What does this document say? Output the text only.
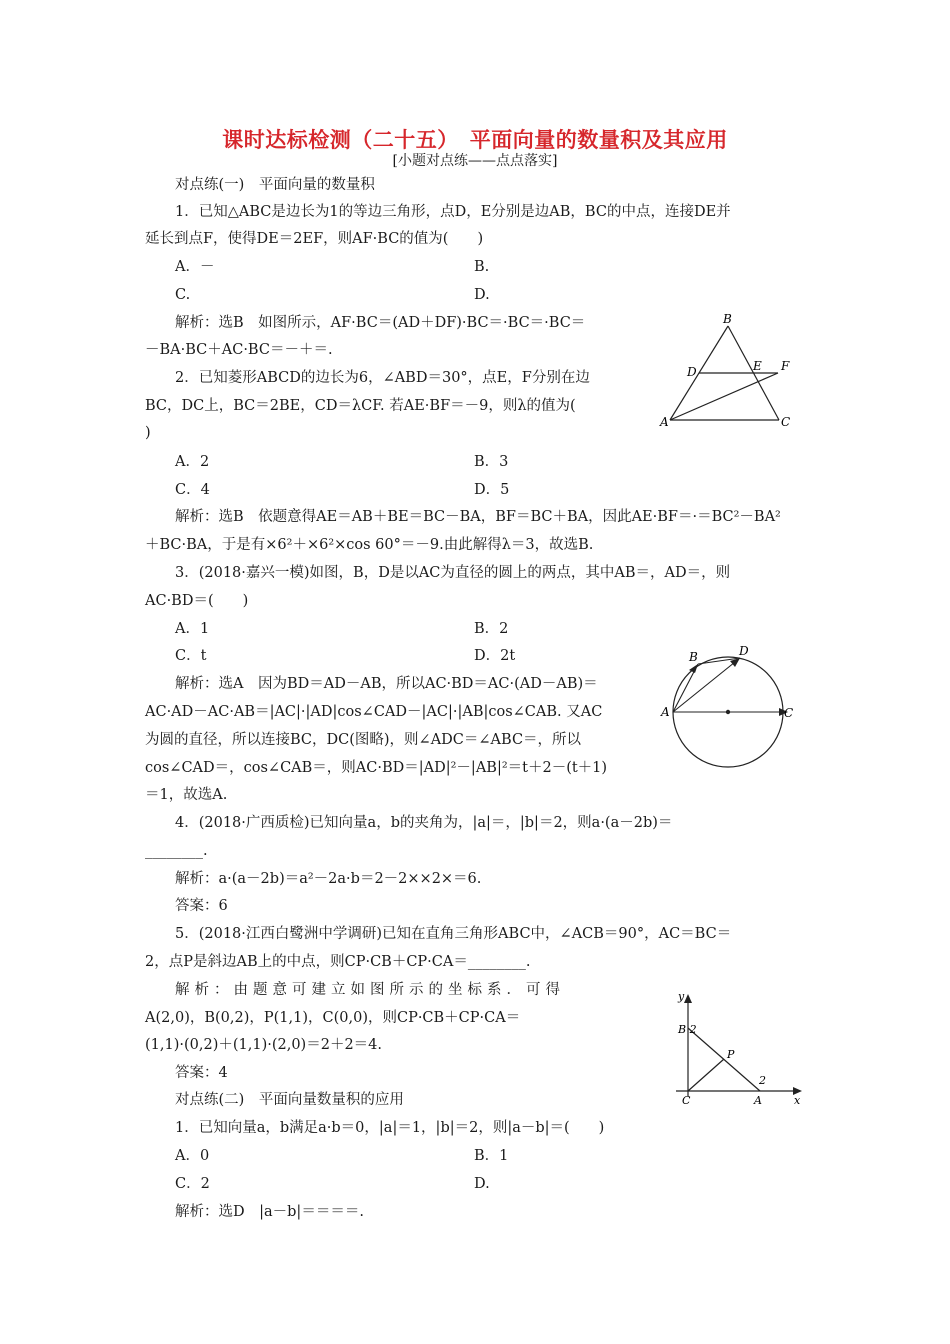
课时达标检测（二十五）　平面向量的数量积及其应用
[小题对点练——点点落实]
对点练(一)　平面向量的数量积
1．已知△ABC是边长为1的等边三角形，点D，E分别是边AB，BC的中点，连接DE并
延长到点F，使得DE＝2EF，则AF·BC的值为(　　)
A．－	B.
C.	D.
解析：选B　如图所示，AF·BC＝(AD＋DF)·BC＝·BC＝·BC＝
－BA·BC＋AC·BC＝－＋＝.
B
D	E F
A	C
2．已知菱形ABCD的边长为6，∠ABD＝30°，点E，F分别在边
BC，DC上，BC＝2BE，CD＝λCF. 若AE·BF＝－9，则λ的值为(
)
A．2	B．3
C．4	D．5
解析：选B　依题意得AE＝AB＋BE＝BC－BA，BF＝BC＋BA，因此AE·BF＝·＝BC²－BA²
＋BC·BA，于是有×6²＋×6²×cos 60°＝－9.由此解得λ＝3，故选B.
3．(2018·嘉兴一模)如图，B，D是以AC为直径的圆上的两点，其中AB＝，AD＝，则
AC·BD＝(　　)
A．1	B．2
C．t	D．2t
解析：选A　因为BD＝AD－AB，所以AC·BD＝AC·(AD－AB)＝
AC·AD－AC·AB＝|AC|·|AD|cos∠CAD－|AC|·|AB|cos∠CAB. 又AC
为圆的直径，所以连接BC，DC(图略)，则∠ADC＝∠ABC＝，所以
cos∠CAD＝，cos∠CAB＝，则AC·BD＝|AD|²－|AB|²＝t＋2－(t＋1)
＝1，故选A.
B	D
A	C
4．(2018·广西质检)已知向量a，b的夹角为，|a|＝，|b|＝2，则a·(a－2b)＝
________.
解析：a·(a－2b)＝a²－2a·b＝2－2××2×＝6.
答案：6
5．(2018·江西白鹭洲中学调研)已知在直角三角形ABC中，∠ACB＝90°，AC＝BC＝
2，点P是斜边AB上的中点，则CP·CB＋CP·CA＝________.
解析：由题意可建立如图所示的坐标系．可得
A(2,0)，B(0,2)，P(1,1)，C(0,0)，则CP·CB＋CP·CA＝
(1,1)·(0,2)＋(1,1)·(2,0)＝2＋2＝4.
答案：4
y
B 2
P
2
C	A	x
对点练(二)　平面向量数量积的应用
1．已知向量a，b满足a·b＝0，|a|＝1，|b|＝2，则|a－b|＝(　　)
A．0	B．1
C．2	D.
解析：选D　|a－b|＝＝＝＝.
